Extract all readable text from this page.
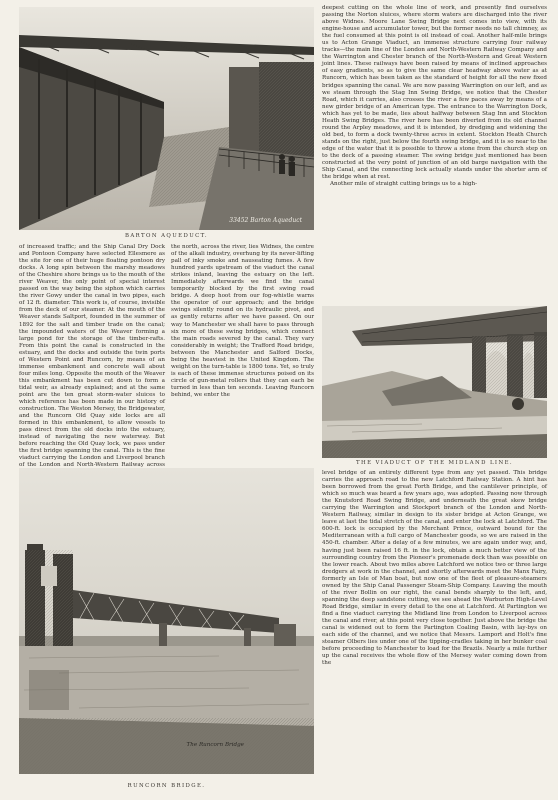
33452 Barton Aqueduct
BARTON AQUEDUCT.

deepest cutting on the whole line of work, and presently find ourselves passing the Norton sluices, where storm waters are discharged into the river above Widnes. Moore Lane Swing Bridge next comes into view, with its engine-house and accumulator tower, but the former needs no tall chimney, as the fuel consumed at this point is oil instead of coal. Another half-mile brings us to Acton Grange Viaduct, an immense structure carrying four railway tracks—the main line of the London and North-Western Railway Company and the Warrington and Chester branch of the North-Western and Great Western joint lines. These railways have been raised by means of inclined approaches of easy gradients, so as to give the same clear headway above water as at Runcorn, which has been taken as the standard of height for all the new fixed bridges spanning the canal. We are now passing Warrington on our left, and as we steam through the Stag Inn Swing Bridge, we notice that the Chester Road, which it carries, also crosses the river a few paces away by means of a new girder bridge of an American type. The entrance to the Warrington Dock, which has yet to be made, lies about halfway between Stag Inn and Stockton Heath Swing Bridges. The river here has been diverted from its old channel round the Arpley meadows, and it is intended, by dredging and widening the old bed, to form a dock twenty-three acres in extent. Stockton Heath Church stands on the right, just below the fourth swing bridge, and it is so near to the edge of the water that it is possible to throw a stone from the church step on to the deck of a passing steamer. The swing bridge just mentioned has been constructed at the very point of junction of an old barge navigation with the Ship Canal, and the connecting lock actually stands under the shorter arm of the bridge when at rest.

Another mile of straight cutting brings us to a high-

of increased traffic; and the Ship Canal Dry Dock and Pontoon Company have selected Ellesmere as the site for one of their huge floating pontoon dry docks. A long spin between the marshy meadows of the Cheshire shore brings us to the mouth of the river Weaver, the only point of special interest passed on the way being the siphon which carries the river Gowy under the canal in two pipes, each of 12 ft. diameter. This work is, of course, invisible from the deck of our steamer. At the mouth of the Weaver stands Saltport, founded in the summer of 1892 for the salt and timber trade on the canal; the impounded waters of the Weaver forming a large pond for the storage of the timber-rafts. From this point the canal is constructed in the estuary, and the docks and outside the twin ports of Western Point and Runcorn, by means of an immense embankment and concrete wall about four miles long. Opposite the mouth of the Weaver this embankment has been cut down to form a tidal weir, as already explained; and at the same point are the ten great storm-water sluices to which reference has been made in our history of construction. The Weston Mersey, the Bridgewater, and the Runcorn Old Quay side locks are all formed in this embankment, to allow vessels to pass direct from the old docks into the estuary, instead of navigating the new waterway. But before reaching the Old Quay lock, we pass under the first bridge spanning the canal. This is the fine viaduct carrying the London and Liverpool branch of the London and North-Western Railway across

the north, across the river, lies Widnes, the centre of the alkali industry, overhung by its never-lifting pall of inky smoke and nauseating fumes. A few hundred yards upstream of the viaduct the canal strikes inland, leaving the estuary on the left. Immediately afterwards we find the canal temporarily blocked by the first swing road bridge. A deep hoot from our fog-whistle warns the operator of our approach; and the bridge swings silently round on its hydraulic pivot, and as gently returns after we have passed. On our way to Manchester we shall have to pass through six more of these swing bridges, which connect the main roads severed by the canal. They vary considerably in weight; the Trafford Road bridge, between the Manchester and Salford Docks, being the heaviest in the United Kingdom. The weight on the turn-table is 1800 tons. Yet, so truly is each of these immense structures poised on its circle of gun-metal rollers that they can each be turned in less than ten seconds. Leaving Runcorn behind, we enter the

THE VIADUCT OF THE MIDLAND LINE.
The Runcorn Bridge
RUNCORN BRIDGE.

level bridge of an entirely different type from any yet passed. This bridge carries the approach road to the new Latchford Railway Station. A hint has been borrowed from the great Forth Bridge, and the cantilever principle, of which so much was heard a few years ago, was adopted. Passing now through the Knutsford Road Swing Bridge, and underneath the great skew bridge carrying the Warrington and Stockport branch of the London and North-Western Railway, similar in design to its sister bridge at Acton Grange, we leave at last the tidal stretch of the canal, and enter the lock at Latchford. The 600-ft. lock is occupied by the Merchant Prince, outward bound for the Mediterranean with a full cargo of Manchester goods, so we are raised in the 450-ft. chamber. After a delay of a few minutes, we are again under way, and, having just been raised 16 ft. in the lock, obtain a much better view of the surrounding country from the Pioneer's promenade deck than was possible on the lower reach. About two miles above Latchford we notice two or three large dredgers at work in the channel, and shortly afterwards meet the Manx Fairy, formerly an Isle of Man boat, but now one of the fleet of pleasure-steamers owned by the Ship Canal Passenger Steam-Ship Company. Leaving the mouth of the river Bollin on our right, the canal bends sharply to the left, and, spanning the deep sandstone cutting, we see ahead the Warburton High-Level Road Bridge, similar in every detail to the one at Latchford. At Partington we find a fine viaduct carrying the Midland line from London to Liverpool across the canal and river, at this point very close together. Just above the bridge the canal is widened out to form the Partington Coaling Basin, with lay-bys on each side of the channel, and we notice that Messrs. Lamport and Holt's fine steamer Olbers lies under one of the tipping-cradles taking in her bunker coal before proceeding to Manchester to load for the Brazils. Nearly a mile further up the canal receives the whole flow of the Mersey water coming down from the
